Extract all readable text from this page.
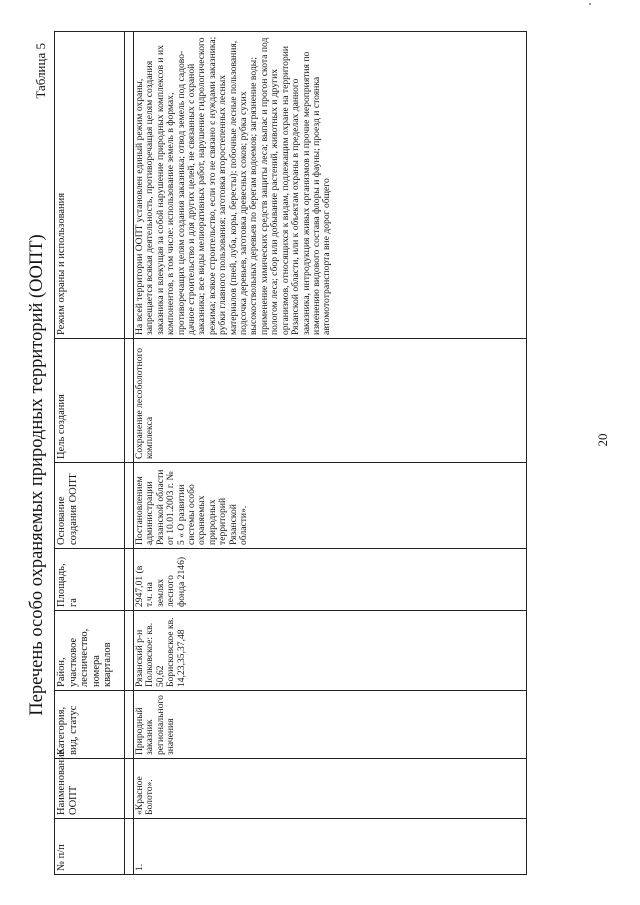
Перечень особо охраняемых природных территорий (ООПТ)
Таблица 5
№ п/п	Наименование ООПТ	Категория, вид, статус	Район, участковое лесничество, номера кварталов	Площадь, га	Основание создания ООПТ	Цель создания	Режим охраны и использования

1.	«Красное Болото».	Природный заказник регионального значения	Рязанский р-н Полковское: кв. 50,62 Борисковское кв. 14,23,35,37,48	2947,01 (в т.ч. на землях лесного фонда 2146)	Постановлением администрации Рязанской области от 10.01.2003 г. № 5 « О развитии системы особо охраняемых природных территорий Рязанской области».	Сохранение лесоболотного комплекса	На всей территории ООПТ установлен единый режим охраны, запрещается всякая деятельность, противоречащая целям создания заказника и влекущая за собой нарушение природных комплексов и их компонентов, в том числе: использование земель в формах, противоречащих целям создания заказника; отвод земель под садово-дачное строительство и для других целей, не связанных с охраной заказника; все виды мелиоративных работ, нарушение гидрологического режима; всякое строительство, если это не связано с нуждами заказника; рубки главного пользования; заготовка второстепенных лесных материалов (пней, луба, коры, бересты); побочные лесные пользования, подсочка деревьев, заготовка древесных соков; рубка сухих высокоствольных деревьев по берегам водоемов; загрязнение воды; применение химических средств защиты леса; выпас и прогон скота под пологом леса; сбор или добывание растений, животных и других организмов, относящихся к видам, подлежащим охране на территории Рязанской области, или к объектам охраны в пределах данного заказника, интродукция живых организмов и прочие мероприятия по изменению видового состава флоры и фауны; проезд и стоянка автомототранспорта вне дорог общего
20
